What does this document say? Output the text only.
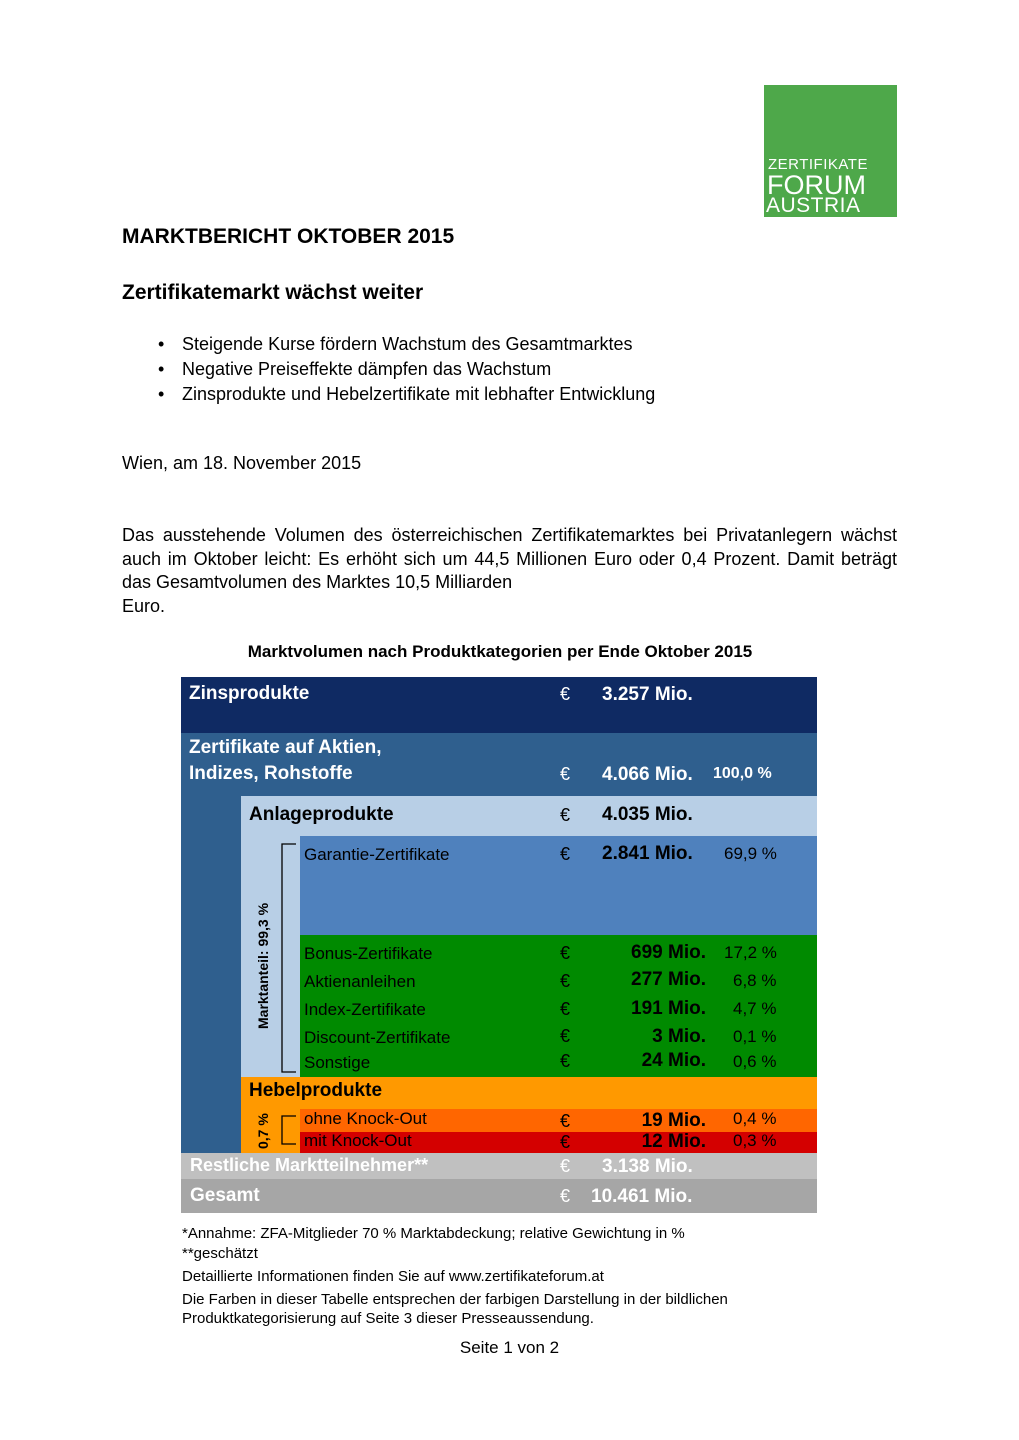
ZERTIFIKATE
FORUM
AUSTRIA
MARKTBERICHT OKTOBER 2015
Zertifikatemarkt wächst weiter
• Steigende Kurse fördern Wachstum des Gesamtmarktes
• Negative Preiseffekte dämpfen das Wachstum
• Zinsprodukte und Hebelzertifikate mit lebhafter Entwicklung
Wien, am 18. November 2015
Das ausstehende Volumen des österreichischen Zertifikatemarktes bei Privatanlegern wächst auch im Oktober leicht: Es erhöht sich um 44,5 Millionen Euro oder 0,4 Prozent. Damit beträgt das Gesamtvolumen des Marktes 10,5 Milliarden
Euro.
Marktvolumen nach Produktkategorien per Ende Oktober 2015
Marktanteil: 99,3 %
0,7 %
Zinsprodukte	€ 3.257 Mio.
Zertifikate auf Aktien,
Indizes, Rohstoffe	€ 4.066 Mio. 100,0 %
Anlageprodukte	€ 4.035 Mio.
Garantie-Zertifikate	€ 2.841 Mio. 69,9 %
Bonus-Zertifikate	€	699 Mio. 17,2 %
Aktienanleihen	€	277 Mio. 6,8 %
Index-Zertifikate	€	191 Mio. 4,7 %
Discount-Zertifikate	€	3 Mio. 0,1 %
Sonstige	€	24 Mio. 0,6 %
Hebelprodukte
ohne Knock-Out	€	19 Mio. 0,4 %
mit Knock-Out	€	12 Mio. 0,3 %
Restliche Marktteilnehmer**	€ 3.138 Mio.
Gesamt	€ 10.461 Mio.
*Annahme: ZFA-Mitglieder 70 % Marktabdeckung; relative Gewichtung in %
**geschätzt
Detaillierte Informationen finden Sie auf www.zertifikateforum.at
Die Farben in dieser Tabelle entsprechen der farbigen Darstellung in der bildlichen
Produktkategorisierung auf Seite 3 dieser Presseaussendung.
Seite 1 von 2
